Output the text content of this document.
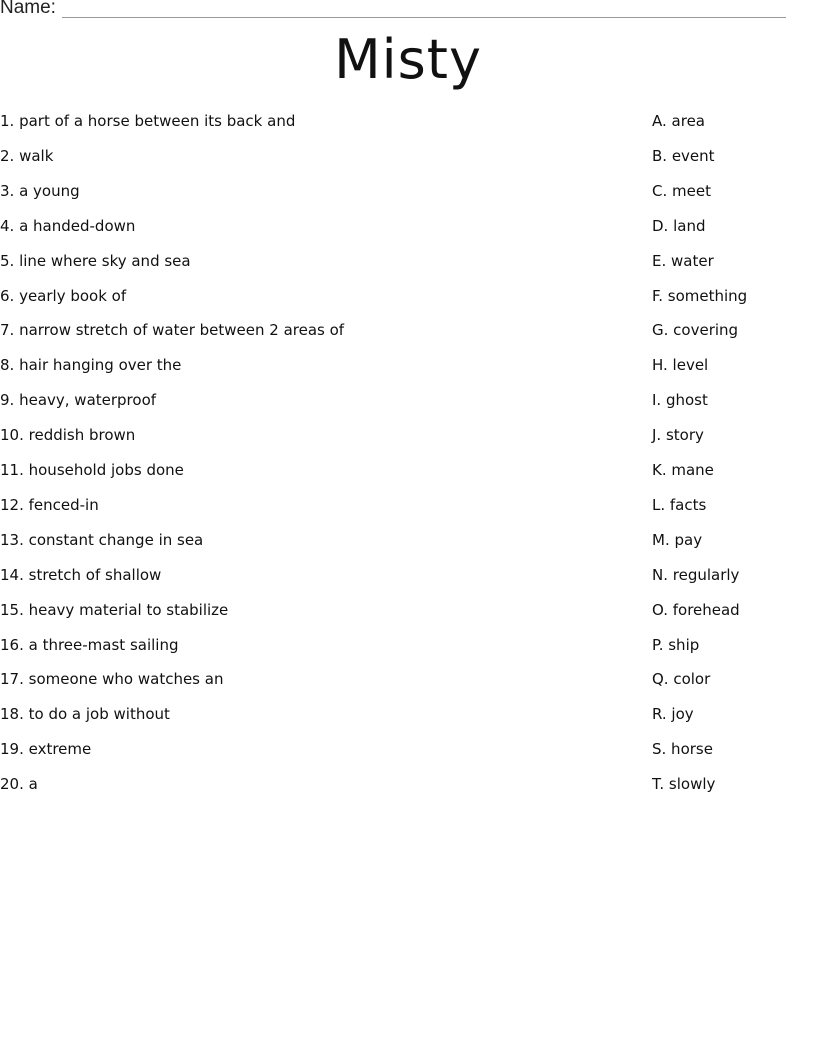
Name:
Misty
1. part of a horse between its back and	A. area
2. walk	B. event
3. a young	C. meet
4. a handed-down	D. land
5. line where sky and sea	E. water
6. yearly book of	F. something
7. narrow stretch of water between 2 areas of	G. covering
8. hair hanging over the	H. level
9. heavy, waterproof	I. ghost
10. reddish brown	J. story
11. household jobs done	K. mane
12. fenced-in	L. facts
13. constant change in sea	M. pay
14. stretch of shallow	N. regularly
15. heavy material to stabilize	O. forehead
16. a three-mast sailing	P. ship
17. someone who watches an	Q. color
18. to do a job without	R. joy
19. extreme	S. horse
20. a	T. slowly
